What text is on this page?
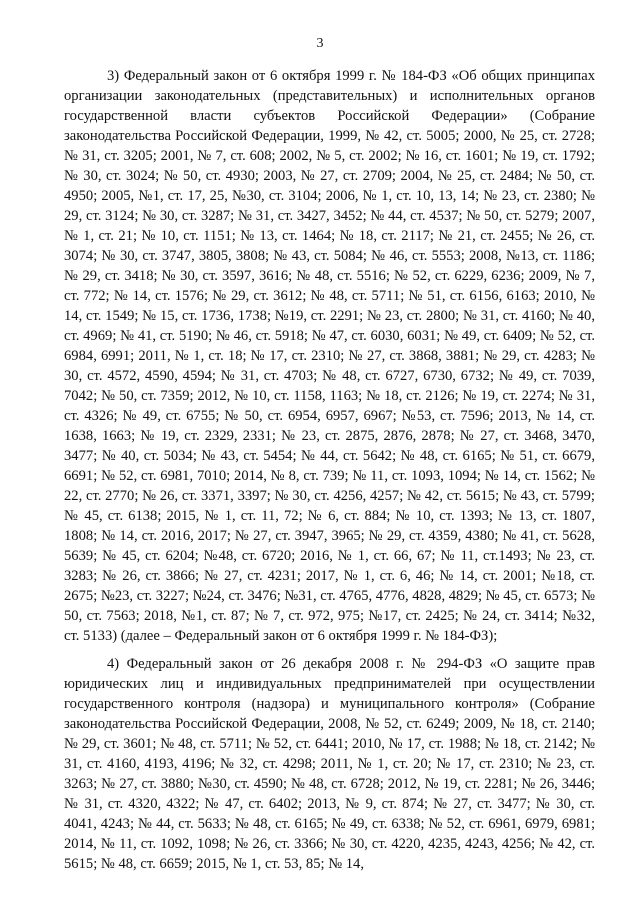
3

3) Федеральный закон от 6 октября 1999 г. № 184-ФЗ «Об общих принципах организации законодательных (представительных) и исполнительных органов государственной власти субъектов Российской Федерации» (Собрание законодательства Российской Федерации, 1999, № 42, ст. 5005; 2000, № 25, ст. 2728; № 31, ст. 3205; 2001, № 7, ст. 608; 2002, № 5, ст. 2002; № 16, ст. 1601; № 19, ст. 1792; № 30, ст. 3024; № 50, ст. 4930; 2003, № 27, ст. 2709; 2004, № 25, ст. 2484; № 50, ст. 4950; 2005, №1, ст. 17, 25, №30, ст. 3104; 2006, № 1, ст. 10, 13, 14; № 23, ст. 2380; № 29, ст. 3124; № 30, ст. 3287; № 31, ст. 3427, 3452; № 44, ст. 4537; № 50, ст. 5279; 2007, № 1, ст. 21; № 10, ст. 1151; № 13, ст. 1464; № 18, ст. 2117; № 21, ст. 2455; № 26, ст. 3074; № 30, ст. 3747, 3805, 3808; № 43, ст. 5084; № 46, ст. 5553; 2008, №13, ст. 1186; № 29, ст. 3418; № 30, ст. 3597, 3616; № 48, ст. 5516; № 52, ст. 6229, 6236; 2009, № 7, ст. 772; № 14, ст. 1576; № 29, ст. 3612; № 48, ст. 5711; № 51, ст. 6156, 6163; 2010, № 14, ст. 1549; № 15, ст. 1736, 1738; №19, ст. 2291; № 23, ст. 2800; № 31, ст. 4160; № 40, ст. 4969; № 41, ст. 5190; № 46, ст. 5918; № 47, ст. 6030, 6031; № 49, ст. 6409; № 52, ст. 6984, 6991; 2011, № 1, ст. 18; № 17, ст. 2310; № 27, ст. 3868, 3881; № 29, ст. 4283; № 30, ст. 4572, 4590, 4594; № 31, ст. 4703; № 48, ст. 6727, 6730, 6732; № 49, ст. 7039, 7042; № 50, ст. 7359; 2012, № 10, ст. 1158, 1163; № 18, ст. 2126; № 19, ст. 2274; № 31, ст. 4326; № 49, ст. 6755; № 50, ст. 6954, 6957, 6967; №53, ст. 7596; 2013, № 14, ст. 1638, 1663; № 19, ст. 2329, 2331; № 23, ст. 2875, 2876, 2878; № 27, ст. 3468, 3470, 3477; № 40, ст. 5034; № 43, ст. 5454; № 44, ст. 5642; № 48, ст. 6165; № 51, ст. 6679, 6691; № 52, ст. 6981, 7010; 2014, № 8, ст. 739; № 11, ст. 1093, 1094; № 14, ст. 1562; № 22, ст. 2770; № 26, ст. 3371, 3397; № 30, ст. 4256, 4257; № 42, ст. 5615; № 43, ст. 5799; № 45, ст. 6138; 2015, № 1, ст. 11, 72; № 6, ст. 884; № 10, ст. 1393; № 13, ст. 1807, 1808; № 14, ст. 2016, 2017; № 27, ст. 3947, 3965; № 29, ст. 4359, 4380; № 41, ст. 5628, 5639; № 45, ст. 6204; №48, ст. 6720; 2016, № 1, ст. 66, 67; № 11, ст.1493; № 23, ст. 3283; № 26, ст. 3866; № 27, ст. 4231; 2017, № 1, ст. 6, 46; № 14, ст. 2001; №18, ст. 2675; №23, ст. 3227; №24, ст. 3476; №31, ст. 4765, 4776, 4828, 4829; № 45, ст. 6573; № 50, ст. 7563; 2018, №1, ст. 87; № 7, ст. 972, 975; №17, ст. 2425; № 24, ст. 3414; №32, ст. 5133) (далее – Федеральный закон от 6 октября 1999 г. № 184-ФЗ);

4) Федеральный закон от 26 декабря 2008 г. № 294-ФЗ «О защите прав юридических лиц и индивидуальных предпринимателей при осуществлении государственного контроля (надзора) и муниципального контроля» (Собрание законодательства Российской Федерации, 2008, № 52, ст. 6249; 2009, № 18, ст. 2140; № 29, ст. 3601; № 48, ст. 5711; № 52, ст. 6441; 2010, № 17, ст. 1988; № 18, ст. 2142; № 31, ст. 4160, 4193, 4196; № 32, ст. 4298; 2011, № 1, ст. 20; № 17, ст. 2310; № 23, ст. 3263; № 27, ст. 3880; №30, ст. 4590; № 48, ст. 6728; 2012, № 19, ст. 2281; № 26, 3446; № 31, ст. 4320, 4322; № 47, ст. 6402; 2013, № 9, ст. 874; № 27, ст. 3477; № 30, ст. 4041, 4243; № 44, ст. 5633; № 48, ст. 6165; № 49, ст. 6338; № 52, ст. 6961, 6979, 6981; 2014, № 11, ст. 1092, 1098; № 26, ст. 3366; № 30, ст. 4220, 4235, 4243, 4256; № 42, ст. 5615; № 48, ст. 6659; 2015, № 1, ст. 53, 85; № 14,
